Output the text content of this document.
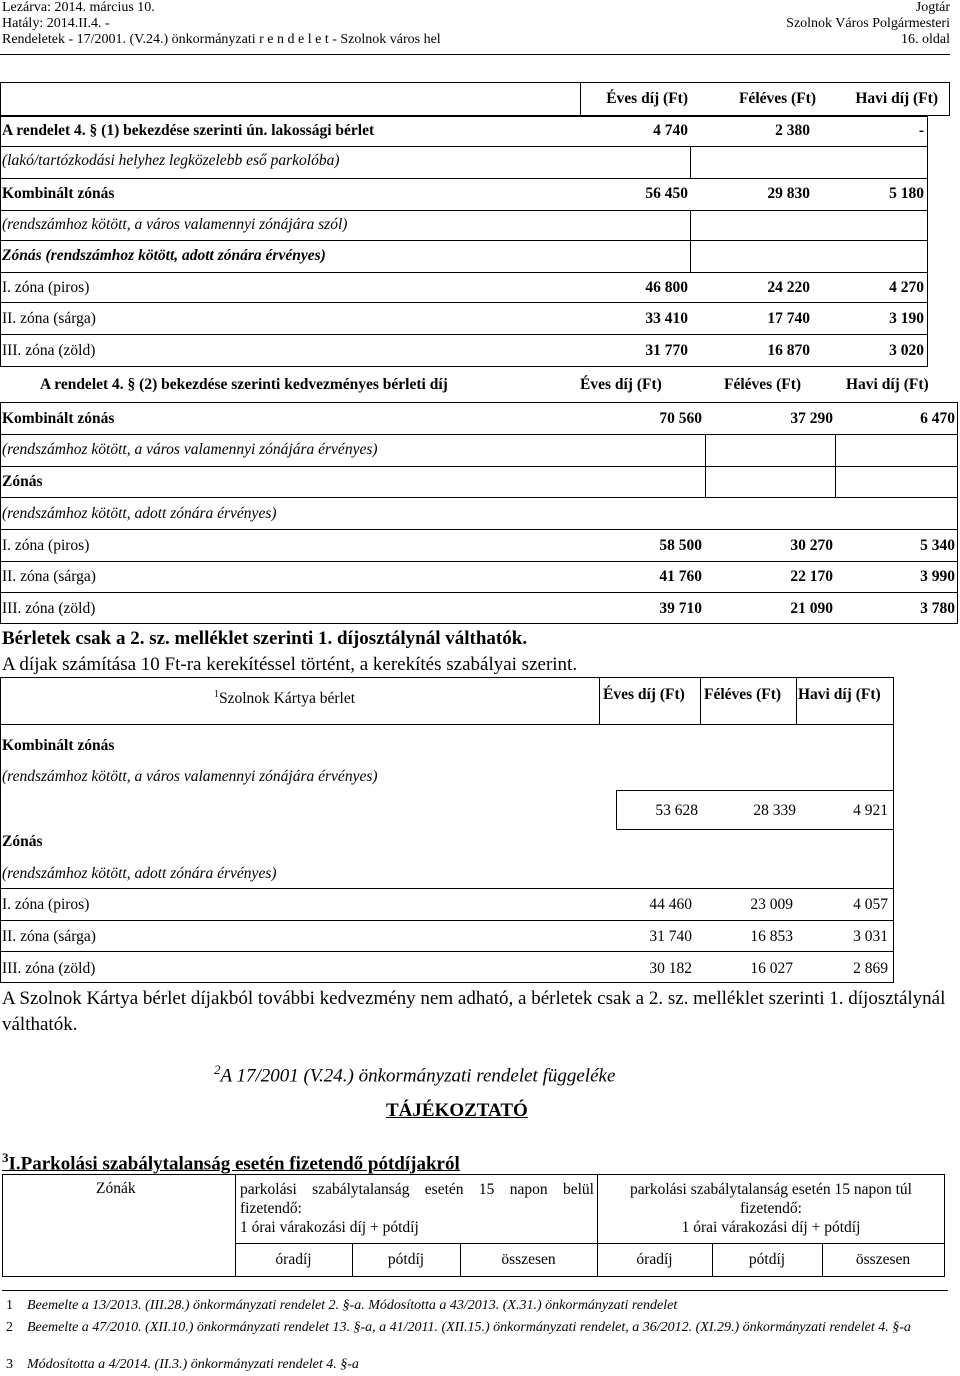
Lezárva: 2014. március 10.
Hatály: 2014.II.4. -
Rendeletek - 17/2001. (V.24.) önkormányzati r e n d e l e t - Szolnok város hel
Jogtár
Szolnok Város Polgármesteri
16. oldal
Éves díj (Ft)	Féléves (Ft)	Havi díj (Ft)
A rendelet 4. § (1) bekezdése szerinti ún. lakossági bérlet	4 740	2 380	-
(lakó/tartózkodási helyhez legközelebb eső parkolóba)
Kombinált zónás	56 450	29 830	5 180
(rendszámhoz kötött, a város valamennyi zónájára szól)
Zónás (rendszámhoz kötött, adott zónára érvényes)
I. zóna (piros)	46 800	24 220	4 270
II. zóna (sárga)	33 410	17 740	3 190
III. zóna (zöld)	31 770	16 870	3 020
A rendelet 4. § (2) bekezdése szerinti kedvezményes bérleti díj	Éves díj (Ft)	Féléves (Ft)	Havi díj (Ft)
Kombinált zónás	70 560	37 290	6 470
(rendszámhoz kötött, a város valamennyi zónájára érvényes)
Zónás
(rendszámhoz kötött, adott zónára érvényes)
I. zóna (piros)	58 500	30 270	5 340
II. zóna (sárga)	41 760	22 170	3 990
III. zóna (zöld)	39 710	21 090	3 780
Bérletek csak a 2. sz. melléklet szerinti 1. díjosztálynál válthatók.
A díjak számítása 10 Ft-ra kerekítéssel történt, a kerekítés szabályai szerint.
$^1$Szolnok Kártya bérlet	Éves díj (Ft) Féléves (Ft) Havi díj (Ft)
Kombinált zónás
(rendszámhoz kötött, a város valamennyi zónájára érvényes)
53 628	28 339	4 921
Zónás
(rendszámhoz kötött, adott zónára érvényes)
I. zóna (piros)	44 460	23 009	4 057
II. zóna (sárga)	31 740	16 853	3 031
III. zóna (zöld)	30 182	16 027	2 869
A Szolnok Kártya bérlet díjakból további kedvezmény nem adható, a bérletek csak a 2. sz. melléklet szerinti 1. díjosztálynál válthatók.
$^2$A 17/2001 (V.24.) önkormányzati rendelet függeléke
TÁJÉKOZTATÓ
$^3$I.Parkolási szabálytalanság esetén fizetendő pótdíjakról
Zónák	parkolási szabálytalanság esetén 15 napon belül fizetendő:
1 órai várakozási díj + pótdíj
parkolási szabálytalanság esetén 15 napon túl fizetendő:
1 órai várakozási díj + pótdíj
óradíj	pótdíj	összesen	óradíj	pótdíj	összesen
1 Beemelte a 13/2013. (III.28.) önkormányzati rendelet 2. §-a. Módosította a 43/2013. (X.31.) önkormányzati rendelet
2 Beemelte a 47/2010. (XII.10.) önkormányzati rendelet 13. §-a, a 41/2011. (XII.15.) önkormányzati rendelet, a 36/2012. (XI.29.) önkormányzati rendelet 4. §-a
3 Módosította a 4/2014. (II.3.) önkormányzati rendelet 4. §-a
